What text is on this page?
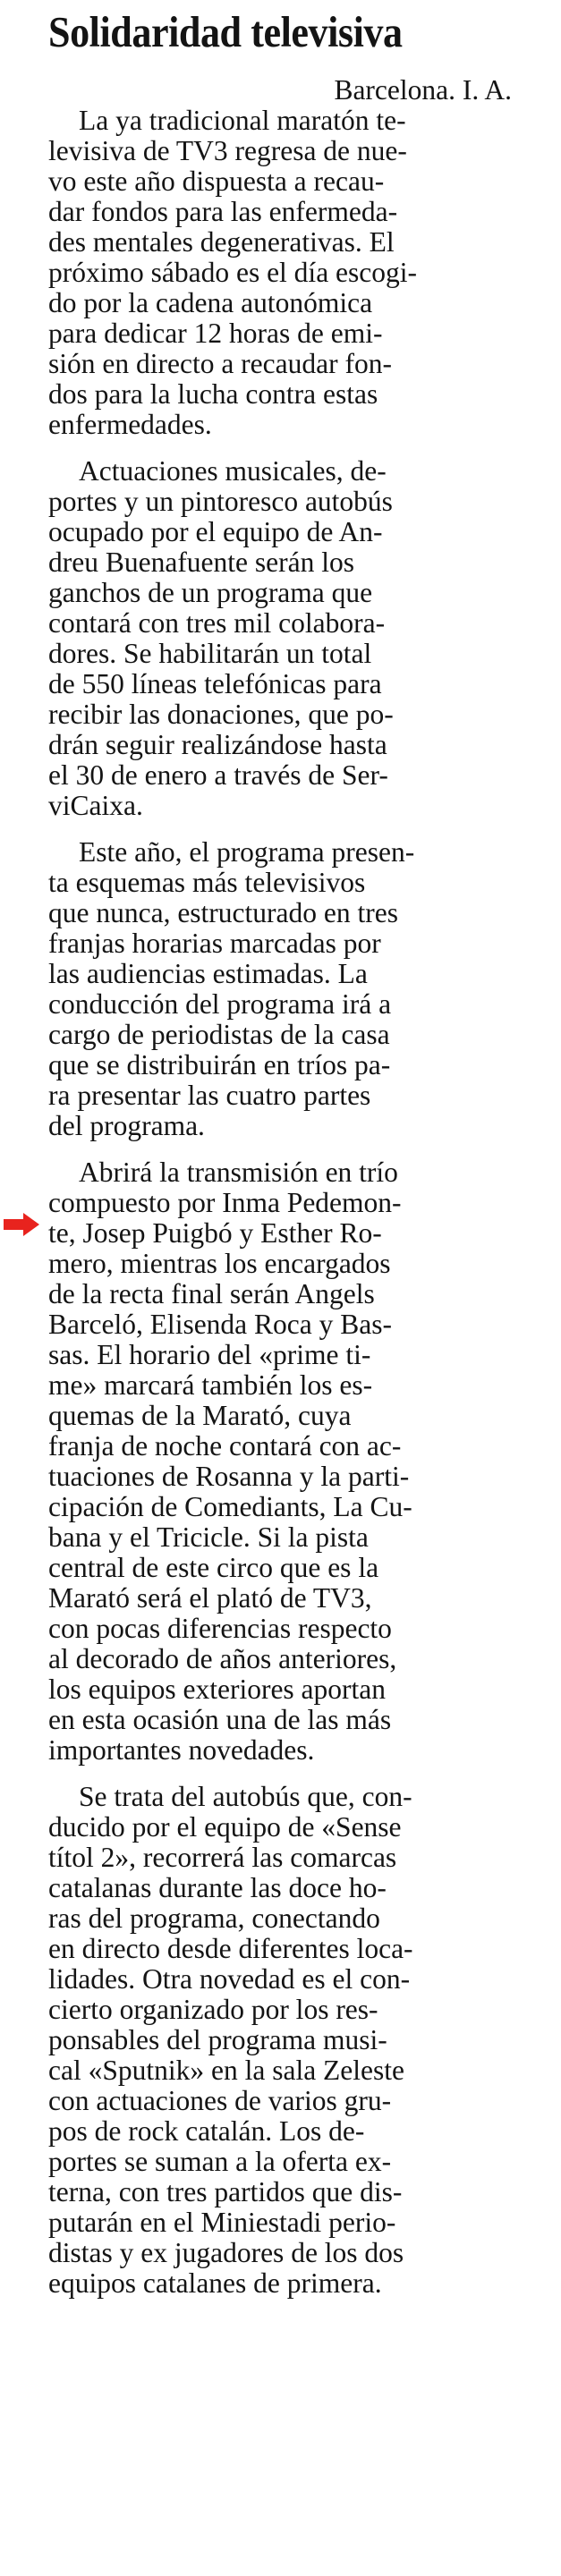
Solidaridad televisiva
Barcelona. I. A.
La ya tradicional maratón te-
levisiva de TV3 regresa de nue-
vo este año dispuesta a recau-
dar fondos para las enfermeda-
des mentales degenerativas. El
próximo sábado es el día escogi-
do por la cadena autonómica
para dedicar 12 horas de emi-
sión en directo a recaudar fon-
dos para la lucha contra estas
enfermedades.
Actuaciones musicales, de-
portes y un pintoresco autobús
ocupado por el equipo de An-
dreu Buenafuente serán los
ganchos de un programa que
contará con tres mil colabora-
dores. Se habilitarán un total
de 550 líneas telefónicas para
recibir las donaciones, que po-
drán seguir realizándose hasta
el 30 de enero a través de Ser-
viCaixa.
Este año, el programa presen-
ta esquemas más televisivos
que nunca, estructurado en tres
franjas horarias marcadas por
las audiencias estimadas. La
conducción del programa irá a
cargo de periodistas de la casa
que se distribuirán en tríos pa-
ra presentar las cuatro partes
del programa.
Abrirá la transmisión en trío
compuesto por Inma Pedemon-
te, Josep Puigbó y Esther Ro-
mero, mientras los encargados
de la recta final serán Angels
Barceló, Elisenda Roca y Bas-
sas. El horario del «prime ti-
me» marcará también los es-
quemas de la Marató, cuya
franja de noche contará con ac-
tuaciones de Rosanna y la parti-
cipación de Comediants, La Cu-
bana y el Tricicle. Si la pista
central de este circo que es la
Marató será el plató de TV3,
con pocas diferencias respecto
al decorado de años anteriores,
los equipos exteriores aportan
en esta ocasión una de las más
importantes novedades.
Se trata del autobús que, con-
ducido por el equipo de «Sense
títol 2», recorrerá las comarcas
catalanas durante las doce ho-
ras del programa, conectando
en directo desde diferentes loca-
lidades. Otra novedad es el con-
cierto organizado por los res-
ponsables del programa musi-
cal «Sputnik» en la sala Zeleste
con actuaciones de varios gru-
pos de rock catalán. Los de-
portes se suman a la oferta ex-
terna, con tres partidos que dis-
putarán en el Miniestadi perio-
distas y ex jugadores de los dos
equipos catalanes de primera.
